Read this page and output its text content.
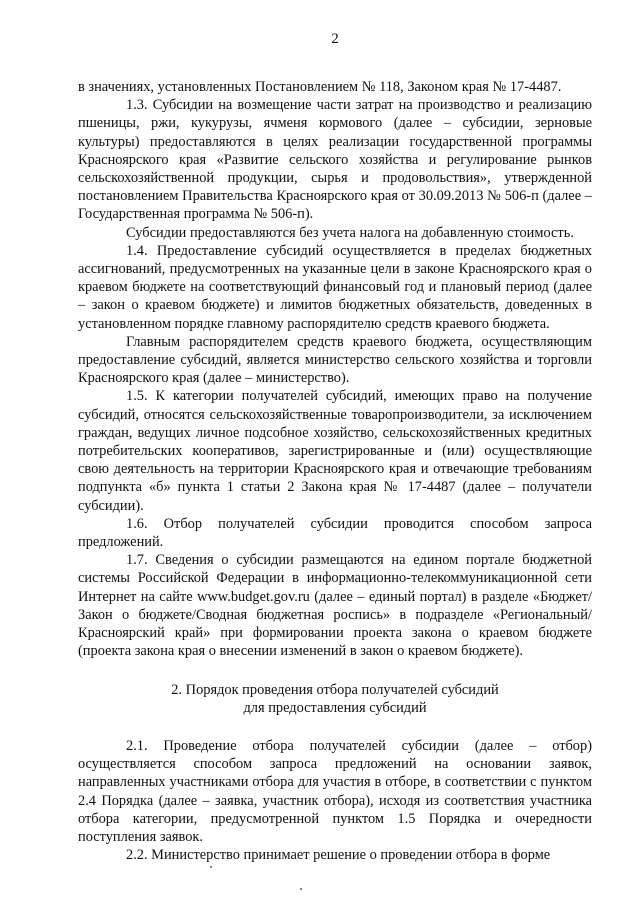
2

в значениях, установленных Постановлением № 118, Законом края № 17-4487.

1.3. Субсидии на возмещение части затрат на производство и реализацию пшеницы, ржи, кукурузы, ячменя кормового (далее – субсидии, зерновые культуры) предоставляются в целях реализации государственной программы Красноярского края «Развитие сельского хозяйства и регулирование рынков сельскохозяйственной продукции, сырья и продовольствия», утвержденной постановлением Правительства Красноярского края от 30.09.2013 № 506-п (далее – Государственная программа № 506-п).

Субсидии предоставляются без учета налога на добавленную стоимость.

1.4. Предоставление субсидий осуществляется в пределах бюджетных ассигнований, предусмотренных на указанные цели в законе Красноярского края о краевом бюджете на соответствующий финансовый год и плановый период (далее – закон о краевом бюджете) и лимитов бюджетных обязательств, доведенных в установленном порядке главному распорядителю средств краевого бюджета.

Главным распорядителем средств краевого бюджета, осуществляющим предоставление субсидий, является министерство сельского хозяйства и торговли Красноярского края (далее – министерство).

1.5. К категории получателей субсидий, имеющих право на получение субсидий, относятся сельскохозяйственные товаропроизводители, за исключением граждан, ведущих личное подсобное хозяйство, сельскохозяйственных кредитных потребительских кооперативов, зарегистрированные и (или) осуществляющие свою деятельность на территории Красноярского края и отвечающие требованиям подпункта «б» пункта 1 статьи 2 Закона края № 17-4487 (далее – получатели субсидии).

1.6. Отбор получателей субсидии проводится способом запроса предложений.

1.7. Сведения о субсидии размещаются на едином портале бюджетной системы Российской Федерации в информационно-телекоммуникационной сети Интернет на сайте www.budget.gov.ru (далее – единый портал) в разделе «Бюджет/Закон о бюджете/Сводная бюджетная роспись» в подразделе «Региональный/Красноярский край» при формировании проекта закона о краевом бюджете (проекта закона края о внесении изменений в закон о краевом бюджете).

2. Порядок проведения отбора получателей субсидий
для предоставления субсидий

2.1. Проведение отбора получателей субсидии (далее – отбор) осуществляется способом запроса предложений на основании заявок, направленных участниками отбора для участия в отборе, в соответствии с пунктом 2.4 Порядка (далее – заявка, участник отбора), исходя из соответствия участника отбора категории, предусмотренной пунктом 1.5 Порядка и очередности поступления заявок.

2.2. Министерство принимает решение о проведении отбора в форме
